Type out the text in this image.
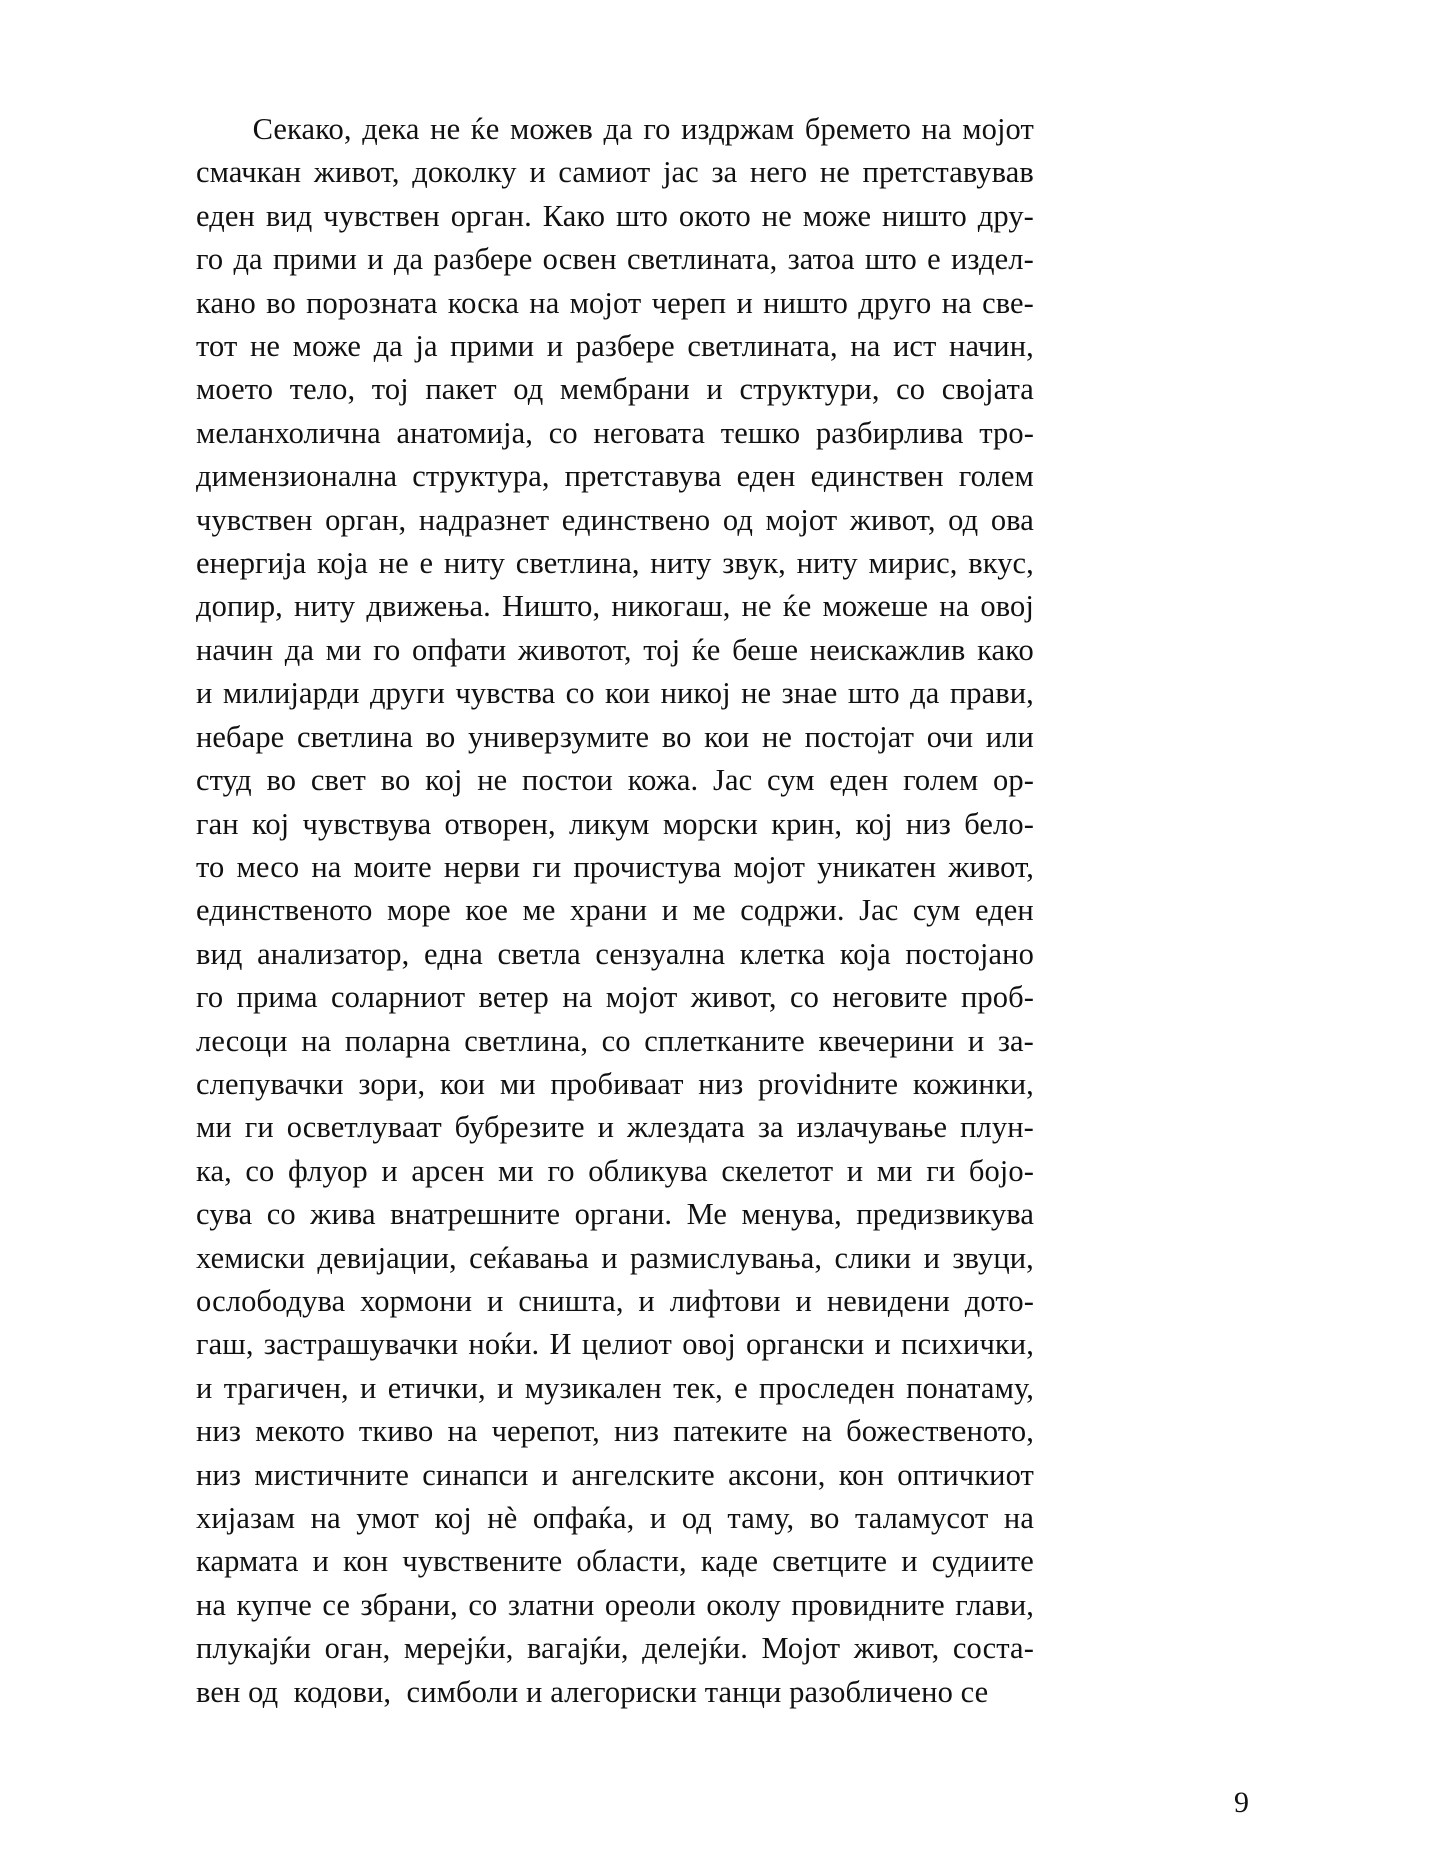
Секако, дека не ќе можев да го издржам бремето на мојот
смачкан живот, доколку и самиот јас за него не претставував
еден вид чувствен орган. Како што окото не може ништо дру-
го да прими и да разбере освен светлината, затоа што е издел-
кано во порозната коска на мојот череп и ништо друго на све-
тот не може да ја прими и разбере светлината, на ист начин,
моето тело, тој пакет од мембрани и структури, со својата
меланхолична анатомија, со неговата тешко разбирлива тро-
димензионална структура, претставува еден единствен голем
чувствен орган, надразнет единствено од мојот живот, од ова
енергија која не е ниту светлина, ниту звук, ниту мирис, вкус,
допир, ниту движења. Ништо, никогаш, не ќе можеше на овој
начин да ми го опфати животот, тој ќе беше неискажлив како
и милијарди други чувства со кои никој не знае што да прави,
небаре светлина во универзумите во кои не постојат очи или
студ во свет во кој не постои кожа. Јас сум еден голем ор-
ган кој чувствува отворен, ликум морски крин, кој низ бело-
то месо на моите нерви ги прочистува мојот уникатен живот,
единственото море кое ме храни и ме содржи. Јас сум еден
вид анализатор, една светла сензуална клетка која постојано
го прима соларниот ветер на мојот живот, со неговите проб-
лесоци на поларна светлина, со сплетканите квечерини и за-
слепувачки зори, кои ми пробиваат низ providните кожинки,
ми ги осветлуваат бубрезите и жлездата за излачување плун-
ка, со флуор и арсен ми го обликува скелетот и ми ги бојо-
сува со жива внатрешните органи. Ме менува, предизвикува
хемиски девијации, сеќавања и размислувања, слики и звуци,
ослободува хормони и сништа, и лифтови и невидени дото-
гаш, застрашувачки ноќи. И целиот овој органски и психички,
и трагичен, и етички, и музикален тек, е проследен понатаму,
низ мекото ткиво на черепот, низ патеките на божественото,
низ мистичните синапси и ангелските аксони, кон оптичкиот
хијазам на умот кој нè опфаќа, и од таму, во таламусот на
кармата и кон чувствените области, каде светците и судиите
на купче се збрани, со златни ореоли околу провидните глави,
плукајќи оган, мерејќи, вагајќи, делејќи. Мојот живот, соста-
вен од  кодови,  симболи и алегориски танци разобличено се
9
